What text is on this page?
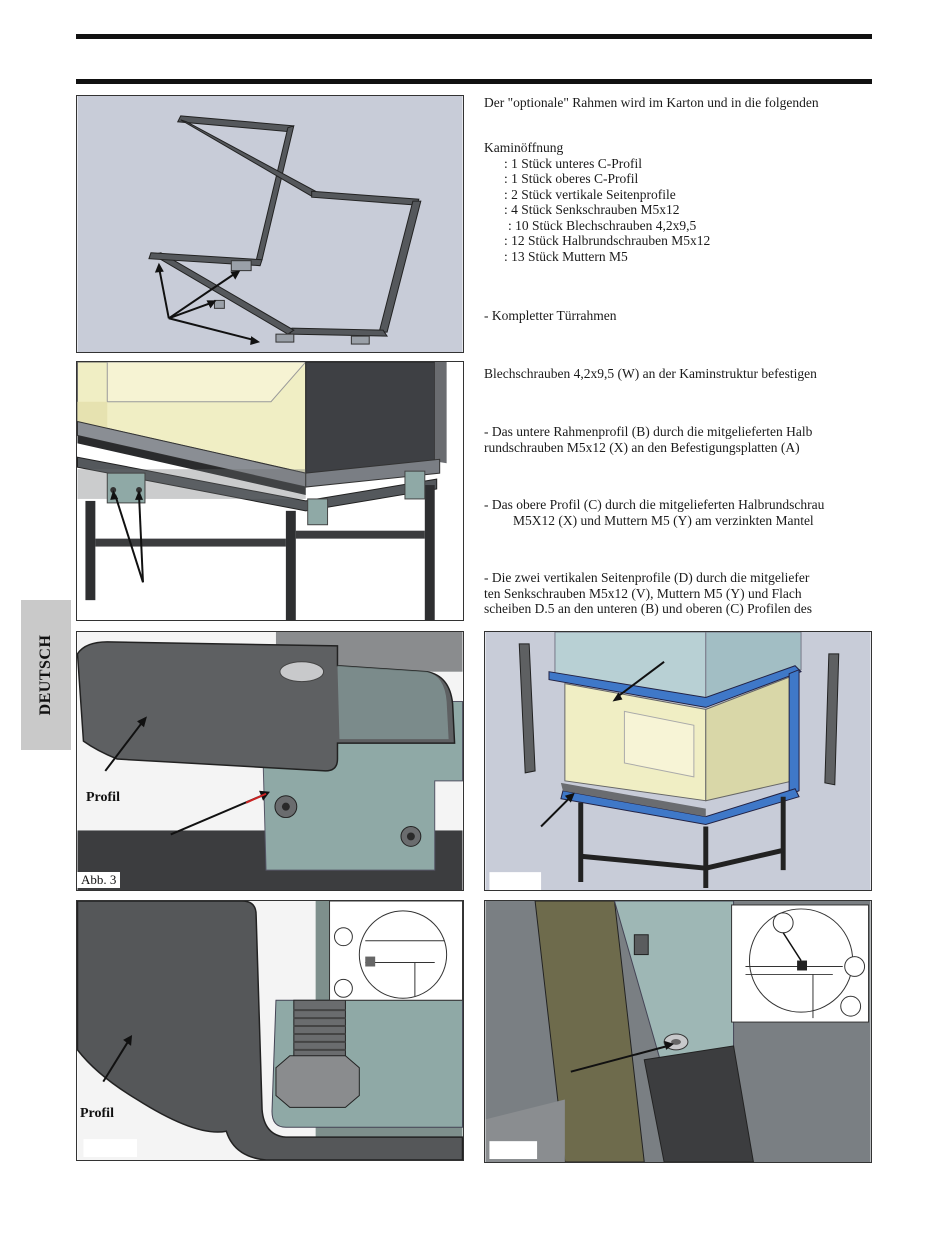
DEUTSCH
Der "optionale" Rahmen wird im Karton und in die folgenden
Kaminöffnung
: 1 Stück unteres C-Profil
: 1 Stück oberes C-Profil
: 2 Stück vertikale Seitenprofile
: 4 Stück Senkschrauben M5x12
: 10 Stück Blechschrauben 4,2x9,5
: 12 Stück Halbrundschrauben M5x12
: 13 Stück Muttern M5
- Kompletter Türrahmen
Blechschrauben 4,2x9,5 (W) an der Kaminstruktur befestigen
- Das untere Rahmenprofil (B) durch die mitgelieferten Halb
rundschrauben M5x12 (X) an den Befestigungsplatten (A)
- Das obere Profil (C) durch die mitgelieferten Halbrundschrau
M5X12 (X) und Muttern M5 (Y) am verzinkten Mantel
- Die zwei vertikalen Seitenprofile (D) durch die mitgeliefer
ten Senkschrauben M5x12 (V), Muttern M5 (Y) und Flach
scheiben D.5 an den unteren (B) und oberen (C) Profilen des
Profil
Abb. 3
Profil
